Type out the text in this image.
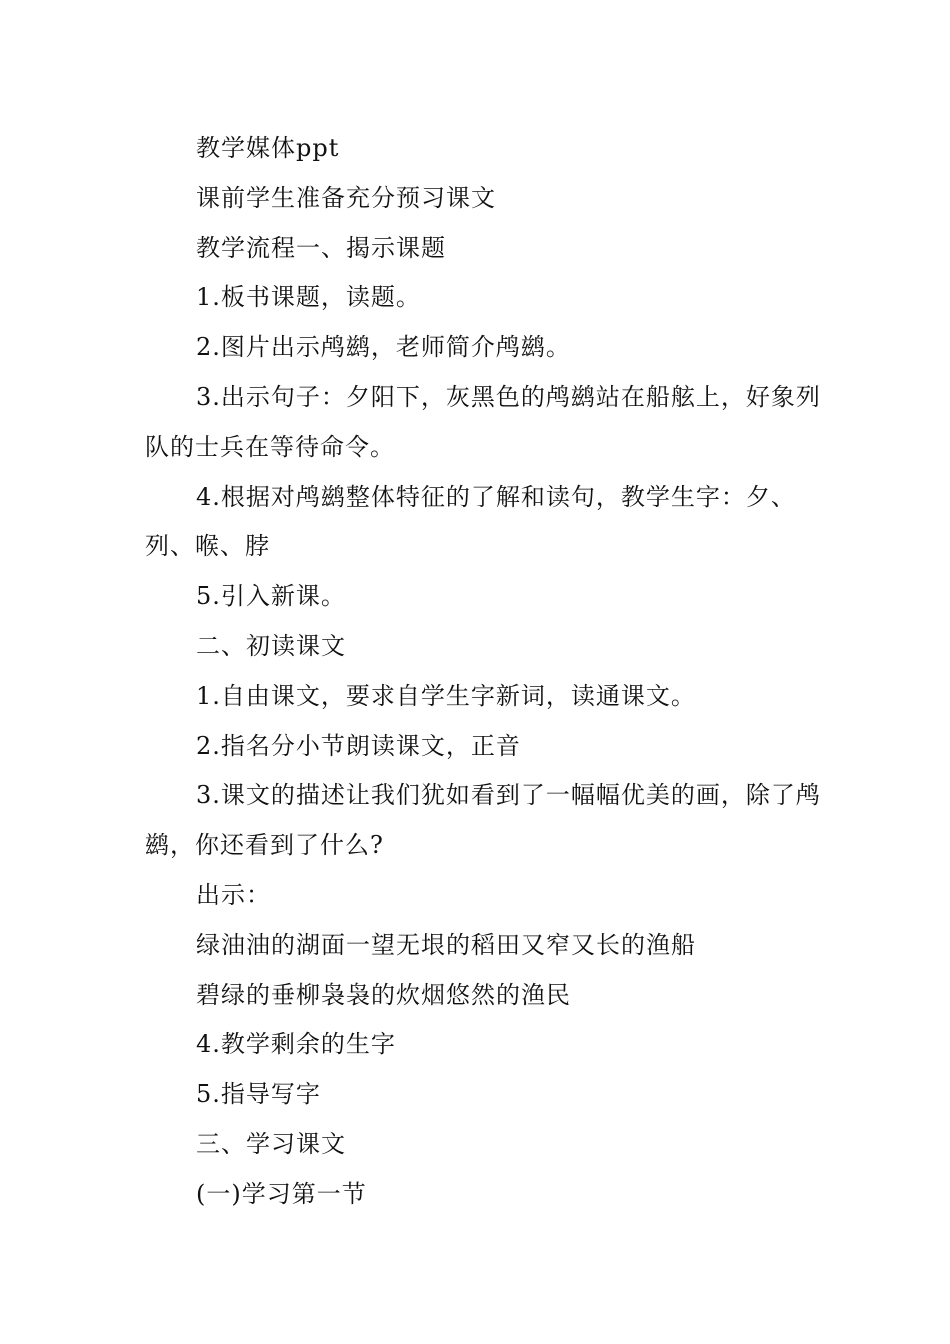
教学媒体ppt

课前学生准备充分预习课文

教学流程一、揭示课题

1.板书课题，读题。

2.图片出示鸬鹚，老师简介鸬鹚。

3.出示句子：夕阳下，灰黑色的鸬鹚站在船舷上，好象列队的士兵在等待命令。

4.根据对鸬鹚整体特征的了解和读句，教学生字：夕、列、喉、脖

5.引入新课。

二、初读课文

1.自由课文，要求自学生字新词，读通课文。

2.指名分小节朗读课文，正音

3.课文的描述让我们犹如看到了一幅幅优美的画，除了鸬鹚，你还看到了什么?

出示：

绿油油的湖面一望无垠的稻田又窄又长的渔船

碧绿的垂柳袅袅的炊烟悠然的渔民

4.教学剩余的生字

5.指导写字

三、学习课文

(一)学习第一节
